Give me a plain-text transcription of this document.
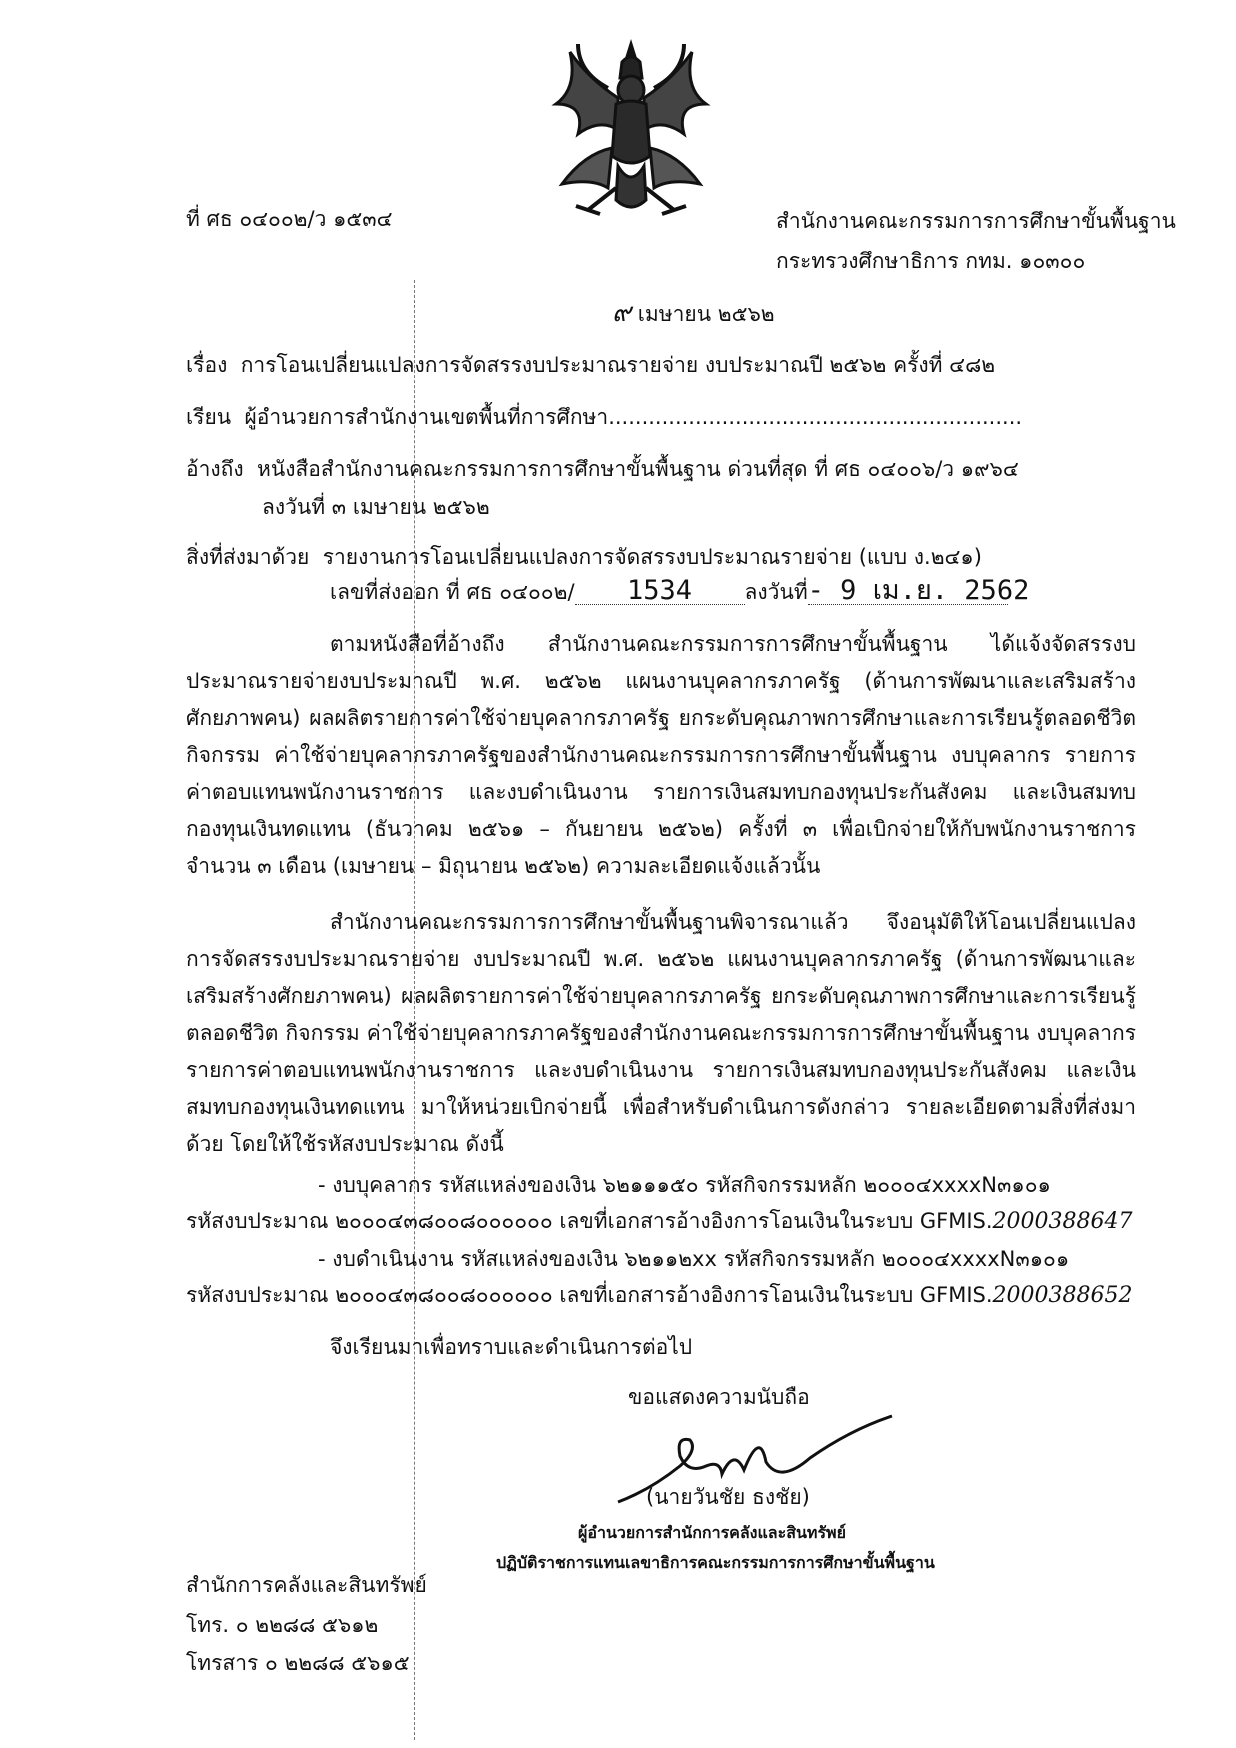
ที่ ศธ ๐๔๐๐๒/ว ๑๕๓๔	สำนักงานคณะกรรมการการศึกษาขั้นพื้นฐาน

กระทรวงศึกษาธิการ กทม. ๑๐๓๐๐

๙ เมษายน ๒๕๖๒

เรื่อง การโอนเปลี่ยนแปลงการจัดสรรงบประมาณรายจ่าย งบประมาณปี ๒๕๖๒ ครั้งที่ ๔๘๒

เรียน ผู้อำนวยการสำนักงานเขตพื้นที่การศึกษา..............................................................

อ้างถึง หนังสือสำนักงานคณะกรรมการการศึกษาขั้นพื้นฐาน ด่วนที่สุด ที่ ศธ ๐๔๐๐๖/ว ๑๙๖๔

ลงวันที่ ๓ เมษายน ๒๕๖๒

สิ่งที่ส่งมาด้วย รายงานการโอนเปลี่ยนแปลงการจัดสรรงบประมาณรายจ่าย (แบบ ง.๒๔๑)

เลขที่ส่งออก ที่ ศธ ๐๔๐๐๒/ 1534 ลงวันที่- 9 เม.ย. 2562

ตามหนังสือที่อ้างถึง สำนักงานคณะกรรมการการศึกษาขั้นพื้นฐาน ได้แจ้งจัดสรรงบประมาณรายจ่ายงบประมาณปี พ.ศ. ๒๕๖๒ แผนงานบุคลากรภาครัฐ (ด้านการพัฒนาและเสริมสร้างศักยภาพคน) ผลผลิตรายการค่าใช้จ่ายบุคลากรภาครัฐ ยกระดับคุณภาพการศึกษาและการเรียนรู้ตลอดชีวิต กิจกรรม ค่าใช้จ่ายบุคลากรภาครัฐของสำนักงานคณะกรรมการการศึกษาขั้นพื้นฐาน งบบุคลากร รายการค่าตอบแทนพนักงานราชการ และงบดำเนินงาน รายการเงินสมทบกองทุนประกันสังคม และเงินสมทบกองทุนเงินทดแทน (ธันวาคม ๒๕๖๑ – กันยายน ๒๕๖๒) ครั้งที่ ๓ เพื่อเบิกจ่ายให้กับพนักงานราชการ จำนวน ๓ เดือน (เมษายน – มิถุนายน ๒๕๖๒) ความละเอียดแจ้งแล้วนั้น

สำนักงานคณะกรรมการการศึกษาขั้นพื้นฐานพิจารณาแล้ว จึงอนุมัติให้โอนเปลี่ยนแปลงการจัดสรรงบประมาณรายจ่าย งบประมาณปี พ.ศ. ๒๕๖๒ แผนงานบุคลากรภาครัฐ (ด้านการพัฒนาและเสริมสร้างศักยภาพคน) ผลผลิตรายการค่าใช้จ่ายบุคลากรภาครัฐ ยกระดับคุณภาพการศึกษาและการเรียนรู้ตลอดชีวิต กิจกรรม ค่าใช้จ่ายบุคลากรภาครัฐของสำนักงานคณะกรรมการการศึกษาขั้นพื้นฐาน งบบุคลากร รายการค่าตอบแทนพนักงานราชการ และงบดำเนินงาน รายการเงินสมทบกองทุนประกันสังคม และเงินสมทบกองทุนเงินทดแทน มาให้หน่วยเบิกจ่ายนี้ เพื่อสำหรับดำเนินการดังกล่าว รายละเอียดตามสิ่งที่ส่งมาด้วย โดยให้ใช้รหัสงบประมาณ ดังนี้

- งบบุคลากร รหัสแหล่งของเงิน ๖๒๑๑๑๕๐ รหัสกิจกรรมหลัก ๒๐๐๐๔xxxxN๓๑๐๑

รหัสงบประมาณ ๒๐๐๐๔๓๘๐๐๘๐๐๐๐๐๐ เลขที่เอกสารอ้างอิงการโอนเงินในระบบ GFMIS.2000388647

- งบดำเนินงาน รหัสแหล่งของเงิน ๖๒๑๑๒xx รหัสกิจกรรมหลัก ๒๐๐๐๔xxxxN๓๑๐๑

รหัสงบประมาณ ๒๐๐๐๔๓๘๐๐๘๐๐๐๐๐๐ เลขที่เอกสารอ้างอิงการโอนเงินในระบบ GFMIS.2000388652

จึงเรียนมาเพื่อทราบและดำเนินการต่อไป

ขอแสดงความนับถือ

(นายวันชัย ธงชัย)

ผู้อำนวยการสำนักการคลังและสินทรัพย์

ปฏิบัติราชการแทนเลขาธิการคณะกรรมการการศึกษาขั้นพื้นฐาน

สำนักการคลังและสินทรัพย์

โทร. ๐ ๒๒๘๘ ๕๖๑๒

โทรสาร ๐ ๒๒๘๘ ๕๖๑๕
